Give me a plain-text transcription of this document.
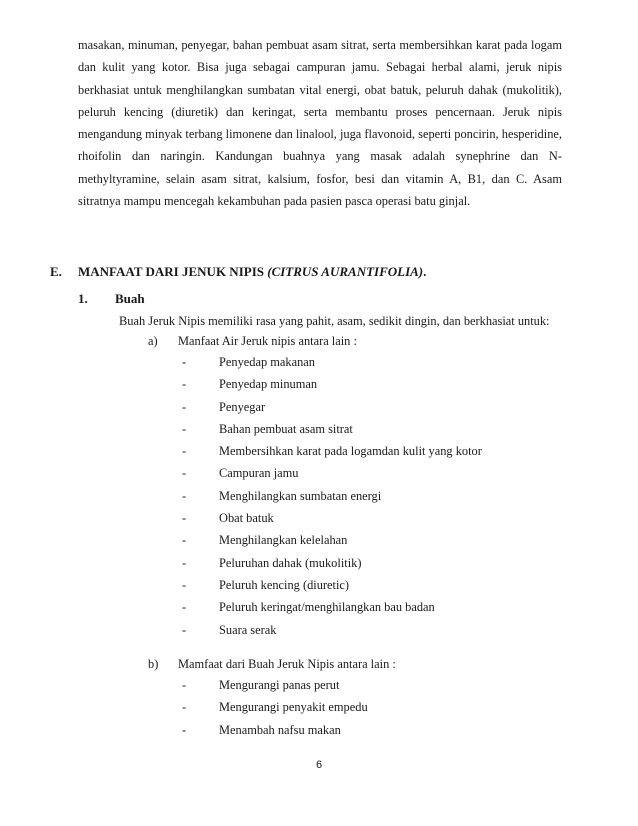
masakan, minuman, penyegar, bahan pembuat asam sitrat, serta membersihkan karat pada logam dan kulit yang kotor. Bisa juga sebagai campuran jamu. Sebagai herbal alami, jeruk nipis berkhasiat untuk menghilangkan sumbatan vital energi, obat batuk, peluruh dahak (mukolitik), peluruh kencing (diuretik) dan keringat, serta membantu proses pencernaan. Jeruk nipis mengandung minyak terbang limonene dan linalool, juga flavonoid, seperti poncirin, hesperidine, rhoifolin dan naringin. Kandungan buahnya yang masak adalah synephrine dan N-methyltyramine, selain asam sitrat, kalsium, fosfor, besi dan vitamin A, B1, dan C. Asam sitratnya mampu mencegah kekambuhan pada pasien pasca operasi batu ginjal.

E. MANFAAT DARI JENUK NIPIS (CITRUS AURANTIFOLIA).
1. Buah
Buah Jeruk Nipis memiliki rasa yang pahit, asam, sedikit dingin, dan berkhasiat untuk:
a) Manfaat Air Jeruk nipis antara lain :
-	Penyedap makanan
-	Penyedap minuman
-	Penyegar
-	Bahan pembuat asam sitrat
-	Membersihkan karat pada logamdan kulit yang kotor
-	Campuran jamu
-	Menghilangkan sumbatan energi
-	Obat batuk
-	Menghilangkan kelelahan
-	Peluruhan dahak (mukolitik)
-	Peluruh kencing (diuretic)
-	Peluruh keringat/menghilangkan bau badan
-	Suara serak
b) Mamfaat dari Buah Jeruk Nipis antara lain :
-	Mengurangi panas perut
-	Mengurangi penyakit empedu
-	Menambah nafsu makan
6
